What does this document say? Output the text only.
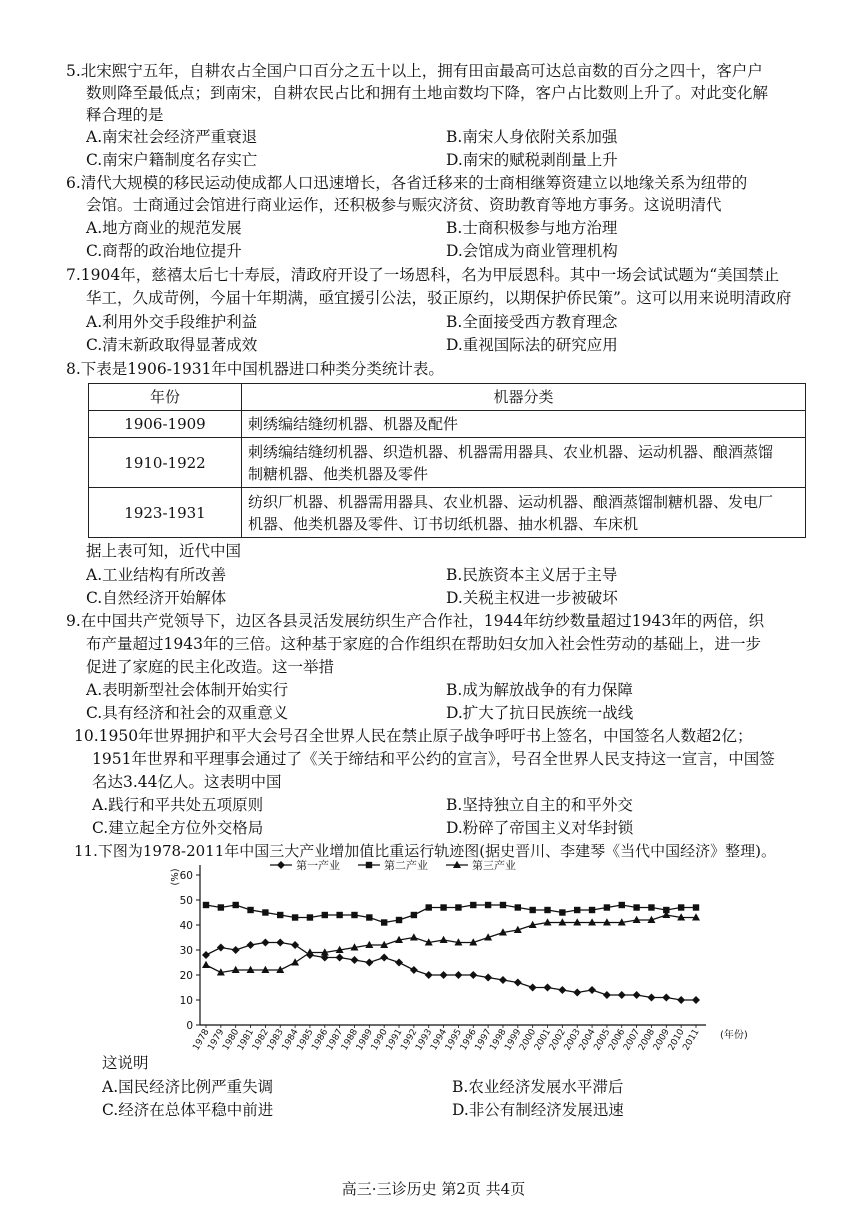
5.北宋熙宁五年，自耕农占全国户口百分之五十以上，拥有田亩最高可达总亩数的百分之四十，客户户
数则降至最低点；到南宋，自耕农民占比和拥有土地亩数均下降，客户占比数则上升了。对此变化解
释合理的是
A.南宋社会经济严重衰退	B.南宋人身依附关系加强
C.南宋户籍制度名存实亡	D.南宋的赋税剥削量上升
6.清代大规模的移民运动使成都人口迅速增长，各省迁移来的士商相继筹资建立以地缘关系为纽带的
会馆。士商通过会馆进行商业运作，还积极参与赈灾济贫、资助教育等地方事务。这说明清代
A.地方商业的规范发展	B.士商积极参与地方治理
C.商帮的政治地位提升	D.会馆成为商业管理机构
7.1904年，慈禧太后七十寿辰，清政府开设了一场恩科，名为甲辰恩科。其中一场会试试题为“美国禁止
华工，久成苛例，今届十年期满，亟宜援引公法，驳正原约，以期保护侨民策”。这可以用来说明清政府
A.利用外交手段维护利益	B.全面接受西方教育理念
C.清末新政取得显著成效	D.重视国际法的研究应用
8.下表是1906-1931年中国机器进口种类分类统计表。
年份	机器分类
1906-1909	刺绣编结缝纫机器、机器及配件
1910-1922	刺绣编结缝纫机器、织造机器、机器需用器具、农业机器、运动机器、酿酒蒸馏
制糖机器、他类机器及零件
1923-1931	纺织厂机器、机器需用器具、农业机器、运动机器、酿酒蒸馏制糖机器、发电厂
机器、他类机器及零件、订书切纸机器、抽水机器、车床机
据上表可知，近代中国
A.工业结构有所改善	B.民族资本主义居于主导
C.自然经济开始解体	D.关税主权进一步被破坏
9.在中国共产党领导下，边区各县灵活发展纺织生产合作社，1944年纺纱数量超过1943年的两倍，织
布产量超过1943年的三倍。这种基于家庭的合作组织在帮助妇女加入社会性劳动的基础上，进一步
促进了家庭的民主化改造。这一举措
A.表明新型社会体制开始实行	B.成为解放战争的有力保障
C.具有经济和社会的双重意义	D.扩大了抗日民族统一战线
10.1950年世界拥护和平大会号召全世界人民在禁止原子战争呼吁书上签名，中国签名人数超2亿；
1951年世界和平理事会通过了《关于缔结和平公约的宣言》，号召全世界人民支持这一宣言，中国签
名达3.44亿人。这表明中国
A.践行和平共处五项原则	B.坚持独立自主的和平外交
C.建立起全方位外交格局	D.粉碎了帝国主义对华封锁
11.下图为1978-2011年中国三大产业增加值比重运行轨迹图(据史晋川、李建琴《当代中国经济》整理)。
0
10
20
30
40
50
60
(%)
1978
1979
1980
1981
1982
1983
1984
1985
1986
1987
1988
1989
1990
1991
1992
1993
1994
1995
1996
1997
1998
1999
2000
2001
2002
2003
2004
2005
2006
2007
2008
2009
2010
2011 (年份)
第一产业	第二产业	第三产业
这说明
A.国民经济比例严重失调	B.农业经济发展水平滞后
C.经济在总体平稳中前进	D.非公有制经济发展迅速
高三·三诊历史 第2页 共4页
